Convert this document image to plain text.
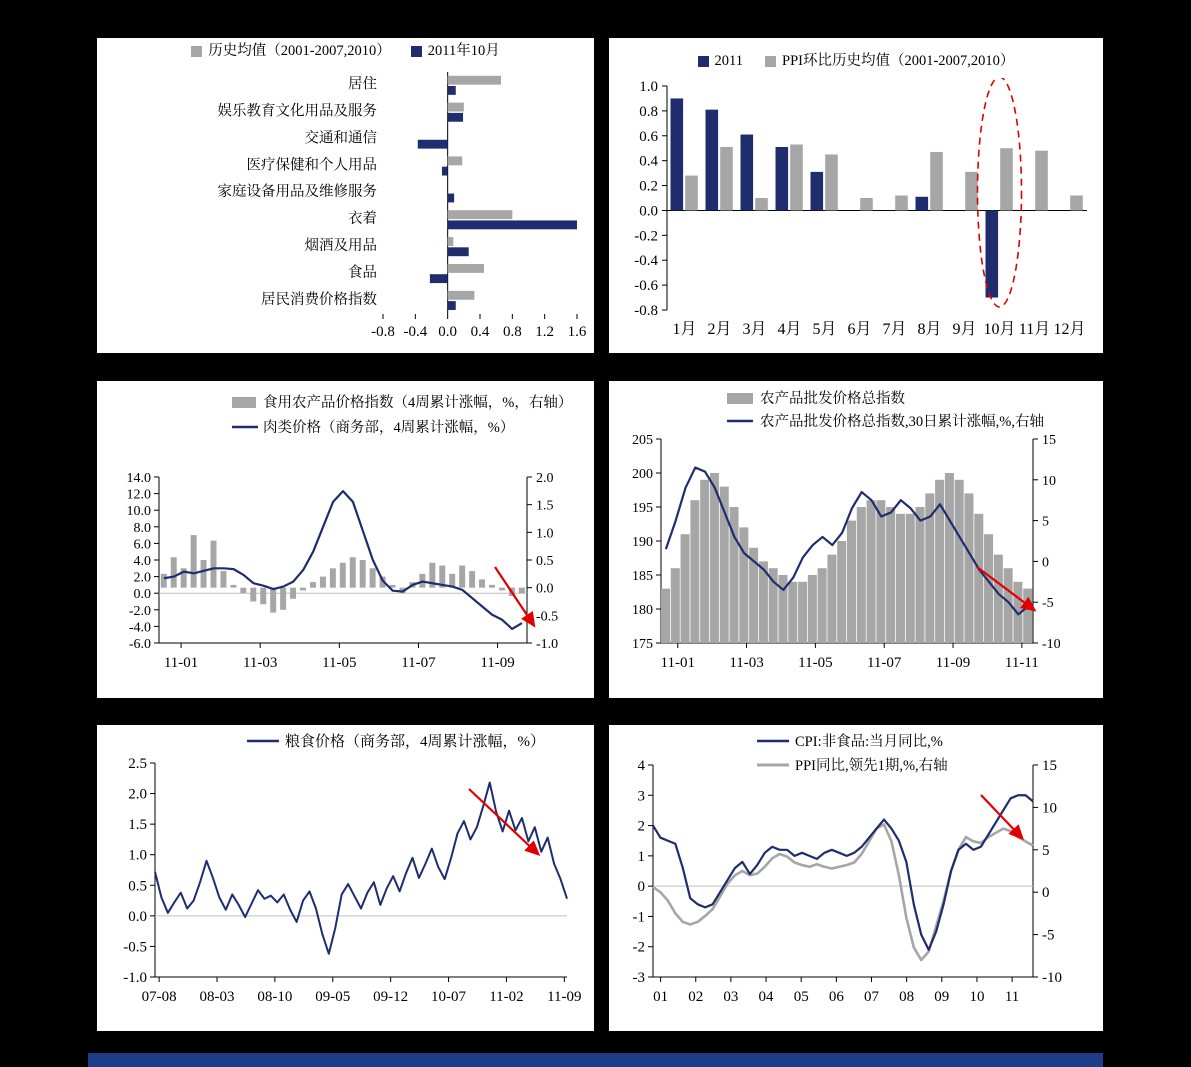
历史均值（2001-2007,2010）	2011年10月
居住
娱乐教育文化用品及服务
交通和通信
医疗保健和个人用品
家庭设备用品及维修服务
衣着
烟酒及用品
食品
居民消费价格指数
-0.8 -0.4 0.0 0.4 0.8 1.2 1.6
2011	PPI环比历史均值（2001-2007,2010）
1.0
0.8
0.6
0.4
0.2
0.0
-0.2
-0.4
-0.6
-0.8
1月 2月 3月 4月 5月 6月 7月 8月 9月 10月 11月 12月
食用农产品价格指数（4周累计涨幅，%，右轴）
肉类价格（商务部，4周累计涨幅，%）
14.0
12.0
10.0
8.0
6.0
4.0
2.0
0.0
-2.0
-4.0
-6.0
2.0
1.5
1.0
0.5
0.0
-0.5
-1.0
11-01	11-03	11-05	11-07	11-09
农产品批发价格总指数
农产品批发价格总指数,30日累计涨幅,%,右轴
205
200
195
190
185
180
175
15
10
5
0
-5
-10
11-01 11-03 11-05 11-07 11-09 11-11
粮食价格（商务部，4周累计涨幅，%）
2.5
2.0
1.5
1.0
0.5
0.0
-0.5
-1.0
07-08 08-03 08-10 09-05 09-12 10-07 11-02 11-09
CPI:非食品:当月同比,%
PPI同比,领先1期,%,右轴
4
3
2
1
0
-1
-2
-3
15
10
5
0
-5
-10
01 02 03 04 05 06 07 08 09 10 11
